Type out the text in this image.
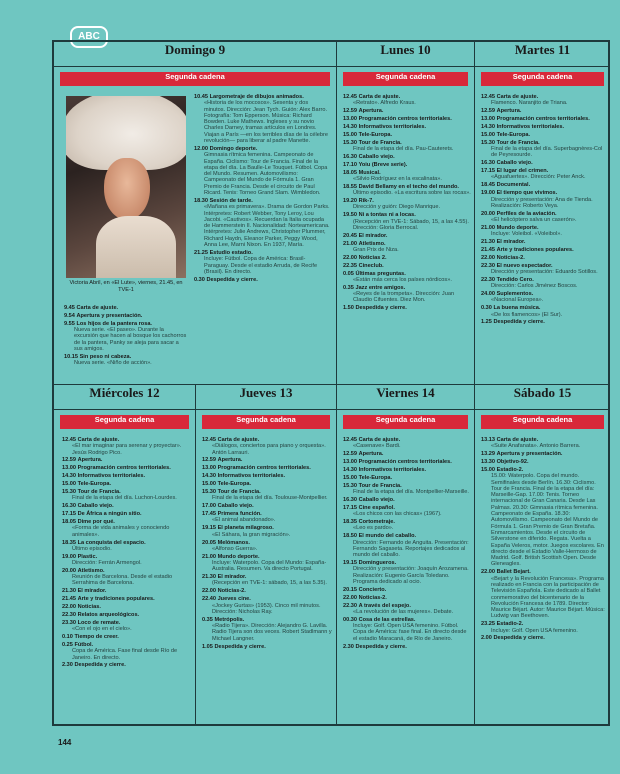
ABC
Domingo 9
Segunda cadena
Victoria Abril, en «El Lute», viernes, 21.45, en TVE-1
9.45 Carta de ajuste.
9.54 Apertura y presentación.
9.55 Los hijos de la pantera rosa.
Nueva serie. «El paseo». Durante la excursión que hacen al bosque los cachorros de la pantera, Panky se aleja para sacar a sus amigos.
10.15 Sin peso ni cabeza.
Nueva serie. «Niño de acción».
10.45 Largometraje de dibujos animados.
«Historia de los mocosos». Sesenta y dos minutos. Dirección: Jean Tych. Guión: Alex Barro. Fotografía: Tom Epperson. Música: Richard Bowden. Luke Mathews. Ingleses y su novio Charles Darney, tramas artículos en Londres. Viajan a París —en los terribles días de la célebre revolución— para liberar al padre Manette.
12.00 Domingo deporte.
Gimnasia rítmica femenina. Campeonato de España. Ciclismo: Tour de Francia. Final de la etapa del día. La Baulle-Le Touquet. Fútbol. Copa del Mundo. Resumen. Automovilismo: Campeonato del Mundo de Fórmula 1. Gran Premio de Francia. Desde el circuito de Paul Ricard. Tenis: Torneo Grand Slam. Wimbledon.
18.30 Sesión de tarde.
«Mañana es primavera». Drama de Gordon Parks. Intérpretes: Robert Webber, Tony Leroy, Lou Jacobi. «Cautivos». Recuerdan la Italia ocupada de Hammerstein II. Nacionalidad: Norteamericana. Intérpretes: Julie Andrews, Christopher Plummer, Richard Haydn, Eleanor Parker, Peggy Wood, Anna Lee, Marni Nixon. En 1937, María.
21.25 Estudio estadio.
Incluye: Fútbol. Copa de América: Brasil-Paraguay. Desde el estadio Arruda, de Recife (Brasil). En directo.
0.30 Despedida y cierre.
Lunes 10
Segunda cadena
12.45 Carta de ajuste.
«Retrato». Alfredo Kraus.
12.59 Apertura.
13.00 Programación centros territoriales.
14.30 Informativos territoriales.
15.00 Tele-Europa.
15.30 Tour de Francia.
Final de la etapa del día. Pau-Cauterets.
16.30 Caballo viejo.
17.10 Yoiu (Breve serie).
18.05 Musical.
«Silvio Rodríguez en la escalinata».
18.55 David Bellamy en el techo del mundo.
Último episodio. «La escritura sobre las rocas».
19.20 Rik-7.
Dirección y guión: Diego Manrique.
19.50 Ni a tontas ni a locas.
(Recepción en TVE-1: Sábado, 15, a las 4.55). Dirección: Gloria Berrocal.
20.45 El mirador.
21.00 Atletismo.
Gran Prix de Niza.
22.00 Noticias 2.
22.35 Cineclub.
0.05 Últimas preguntas.
«Están más cerca los países nórdicos».
0.35 Jazz entre amigos.
«Reyes de la trompeta». Dirección: Juan Claudio Cifuentes. Diez Mon.
1.50 Despedida y cierre.
Martes 11
Segunda cadena
12.45 Carta de ajuste.
Flamenco. Naranjito de Triana.
12.59 Apertura.
13.00 Programación centros territoriales.
14.30 Informativos territoriales.
15.00 Tele-Europa.
15.30 Tour de Francia.
Final de la etapa del día. Superbagnères-Col de Peyresourde.
16.30 Caballo viejo.
17.15 El lugar del crimen.
«Aguafuertes». Dirección: Peter Anck.
18.45 Documental.
19.00 El tiempo que vivimos.
Dirección y presentación: Ana de Tienda. Realización: Roberto Veya.
20.00 Perfiles de la aviación.
«El helicóptero salva un caserón».
21.00 Mundo deporte.
Incluye: Voleibol. «Voleibol».
21.30 El mirador.
21.45 Arte y tradiciones populares.
22.00 Noticias-2.
22.30 El nuevo espectador.
Dirección y presentación: Eduardo Sotillos.
22.30 Tendido Cero.
Dirección: Carlos Jiménez Boscos.
24.00 Suplementos.
«Nacional Europea».
0.30 La buena música.
«De los flamencos» (El Sur).
1.25 Despedida y cierre.
Miércoles 12
Segunda cadena
12.45 Carta de ajuste.
«El mar imaginar para serenar y proyectar». Jesús Rodrigo Pico.
12.59 Apertura.
13.00 Programación centros territoriales.
14.30 Informativos territoriales.
15.00 Tele-Europa.
15.30 Tour de Francia.
Final de la etapa del día. Luchon-Lourdes.
16.30 Caballo viejo.
17.15 De África a ningún sitio.
18.05 Dime por qué.
«Forma de vida animales y conociendo animales».
18.35 La conquista del espacio.
Último episodio.
19.00 Plastic.
Dirección: Ferrán Armengol.
20.00 Atletismo.
Reunión de Barcelona. Desde el estadio Serrahima de Barcelona.
21.30 El mirador.
21.45 Arte y tradiciones populares.
22.00 Noticias.
22.30 Relatos arqueológicos.
23.30 Loco de remate.
«Con el ojo en el cielo».
0.10 Tiempo de creer.
0.25 Fútbol.
Copa de América. Fase final desde Río de Janeiro. En directo.
2.30 Despedida y cierre.
Jueves 13
Segunda cadena
12.45 Carta de ajuste.
«Diálogos, conciertos para piano y orquesta». Antón Larrauri.
12.59 Apertura.
13.00 Programación centros territoriales.
14.30 Informativos territoriales.
15.00 Tele-Europa.
15.30 Tour de Francia.
Final de la etapa del día. Toulouse-Montpellier.
17.00 Caballo viejo.
17.45 Primera función.
«El animal abandonado».
19.15 El planeta milagroso.
«El Sáhara, la gran migración».
20.05 Melómanos.
«Alfonso Guerra».
21.00 Mundo deporte.
Incluye: Waterpolo. Copa del Mundo: España-Australia. Resumen. Va directo Portugal.
21.30 El mirador.
(Recepción en TVE-1: sábado, 15, a las 5.35).
22.00 Noticias-2.
22.40 Jueves cine.
«Jockey Gurtas» (1953). Cinco mil minutos. Dirección: Nicholas Ray.
0.35 Metrópolis.
«Radio Tijera». Dirección: Alejandro G. Lavilla. Radio Tijera son dos veces. Robert Stadlmann y Michael Langner.
1.05 Despedida y cierre.
Viernes 14
Segunda cadena
12.45 Carta de ajuste.
«Casenave» Bardi.
12.59 Apertura.
13.00 Programación centros territoriales.
14.30 Informativos territoriales.
15.00 Tele-Europa.
15.30 Tour de Francia.
Final de la etapa del día. Montpellier-Marseille.
16.30 Caballo viejo.
17.15 Cine español.
«Los chicos con las chicas» (1967).
18.35 Cortometraje.
«Leo es pardo».
18.50 El mundo del caballo.
Dirección: Fernando de Anguita. Presentación: Fernando Sagaseta. Reportajes dedicados al mundo del caballo.
19.15 Domingueros.
Dirección y presentación: Joaquín Arozamena. Realización: Eugenio García Toledano. Programa dedicado al ocio.
20.15 Concierto.
22.00 Noticias-2.
22.30 A través del espejo.
«La revolución de las mujeres». Debate.
00.30 Cosa de las estrellas.
Incluye: Golf. Open USA femenino. Fútbol. Copa de América: fase final. En directo desde el estadio Maracaná, de Río de Janeiro.
2.30 Despedida y cierre.
Sábado 15
Segunda cadena
13.13 Carta de ajuste.
«Suite Anafanata». Antonio Barrera.
13.29 Apertura y presentación.
13.30 Objetivo-92.
15.00 Estadio-2.
15.00: Waterpolo. Copa del mundo. Semifinales desde Berlín. 16.30: Ciclismo. Tour de Francia. Final de la etapa del día: Marseille-Gap. 17.00: Tenis. Torneo internacional de Gran Canaria. Desde Las Palmas. 20.30: Gimnasia rítmica femenina. Campeonato de España. 18.30: Automovilismo. Campeonato del Mundo de Fórmula 1. Gran Premio de Gran Bretaña. Enmarcamientos. Desde el circuito de Silverstone en diferido. Regata. Vuelta a España Veleros, motor. Juegos escolares. En directo desde el Estadio Valle-Hermoso de Madrid. Golf. British Scottish Open. Desde Gleneagles.
22.00 Ballet Bejart.
«Bejart y la Revolución Francesa». Programa realizado en Francia con la participación de Televisión Española. Este dedicado al Ballet conmemorativo del bicentenario de la Revolución Francesa de 1789. Director: Maurice Béjart. Autor: Maurice Béjart. Música: Ludwig van Beethoven.
23.25 Estadio-2.
Incluye: Golf. Open USA femenino.
2.00 Despedida y cierre.
144
